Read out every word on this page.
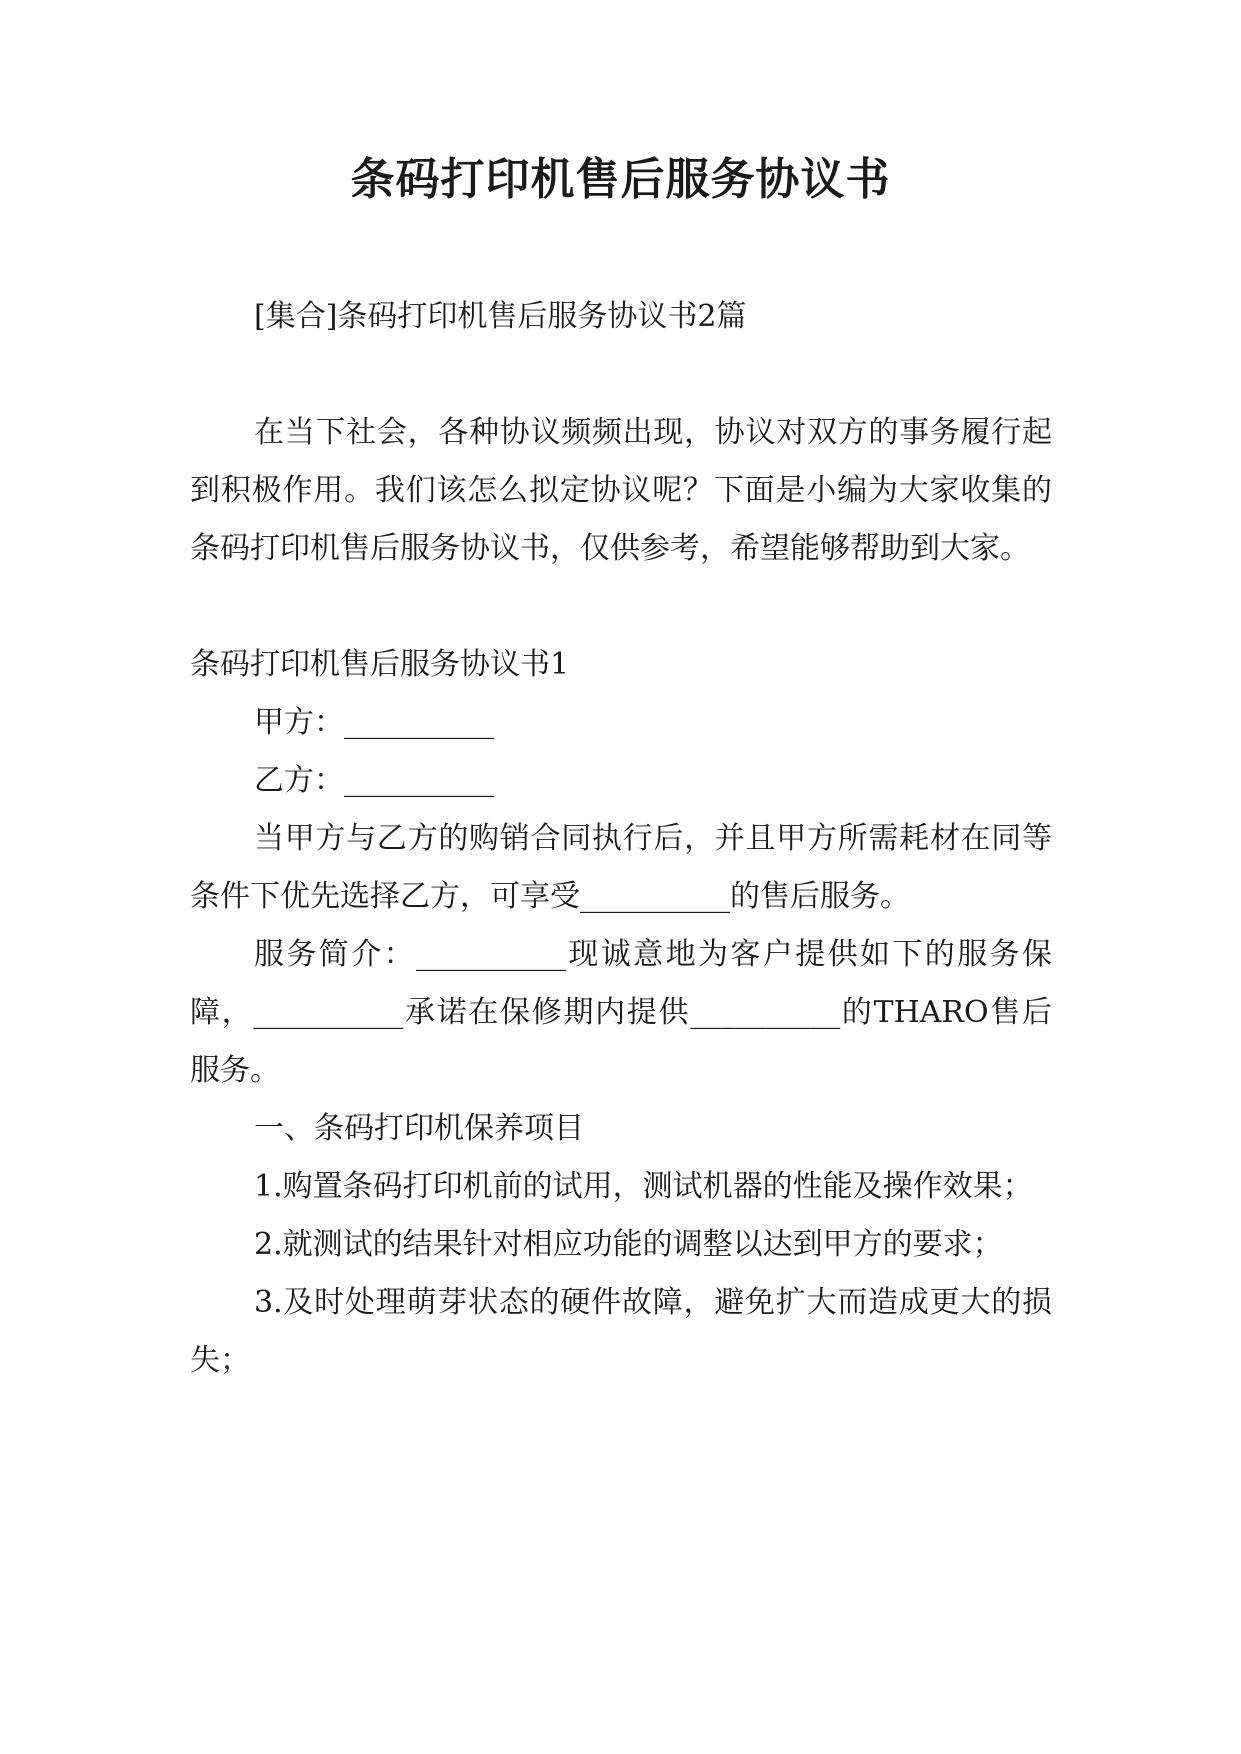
条码打印机售后服务协议书

[集合]条码打印机售后服务协议书2篇

在当下社会，各种协议频频出现，协议对双方的事务履行起到积极作用。我们该怎么拟定协议呢？下面是小编为大家收集的条码打印机售后服务协议书，仅供参考，希望能够帮助到大家。

条码打印机售后服务协议书1

甲方：__________

乙方：__________

当甲方与乙方的购销合同执行后，并且甲方所需耗材在同等条件下优先选择乙方，可享受__________的售后服务。

服务简介：__________现诚意地为客户提供如下的服务保障，__________承诺在保修期内提供__________的THARO售后服务。

一、条码打印机保养项目

1.购置条码打印机前的试用，测试机器的性能及操作效果；

2.就测试的结果针对相应功能的调整以达到甲方的要求；

3.及时处理萌芽状态的硬件故障，避免扩大而造成更大的损失；
